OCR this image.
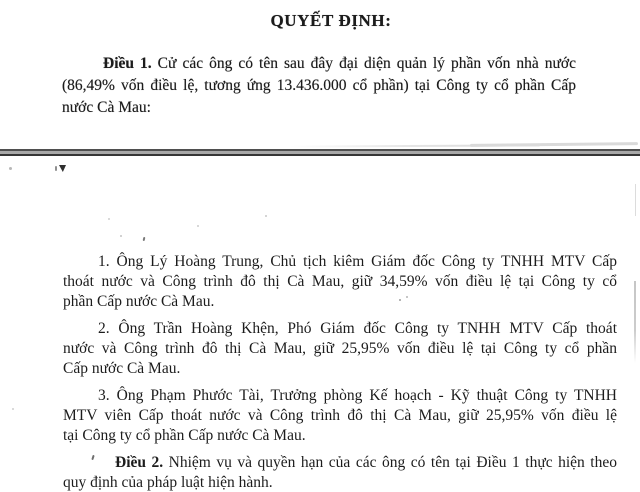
QUYẾT ĐỊNH:
Điều 1. Cử các ông có tên sau đây đại diện quản lý phần vốn nhà nước
(86,49% vốn điều lệ, tương ứng 13.436.000 cổ phần) tại Công ty cổ phần Cấp
nước Cà Mau:
1. Ông Lý Hoàng Trung, Chủ tịch kiêm Giám đốc Công ty TNHH MTV Cấp
thoát nước và Công trình đô thị Cà Mau, giữ 34,59% vốn điều lệ tại Công ty cổ
phần Cấp nước Cà Mau.
2. Ông Trần Hoàng Khện, Phó Giám đốc Công ty TNHH MTV Cấp thoát
nước và Công trình đô thị Cà Mau, giữ 25,95% vốn điều lệ tại Công ty cổ phần
Cấp nước Cà Mau.
3. Ông Phạm Phước Tài, Trưởng phòng Kế hoạch - Kỹ thuật Công ty TNHH
MTV viên Cấp thoát nước và Công trình đô thị Cà Mau, giữ 25,95% vốn điều lệ
tại Công ty cổ phần Cấp nước Cà Mau.
Điều 2. Nhiệm vụ và quyền hạn của các ông có tên tại Điều 1 thực hiện theo
quy định của pháp luật hiện hành.
